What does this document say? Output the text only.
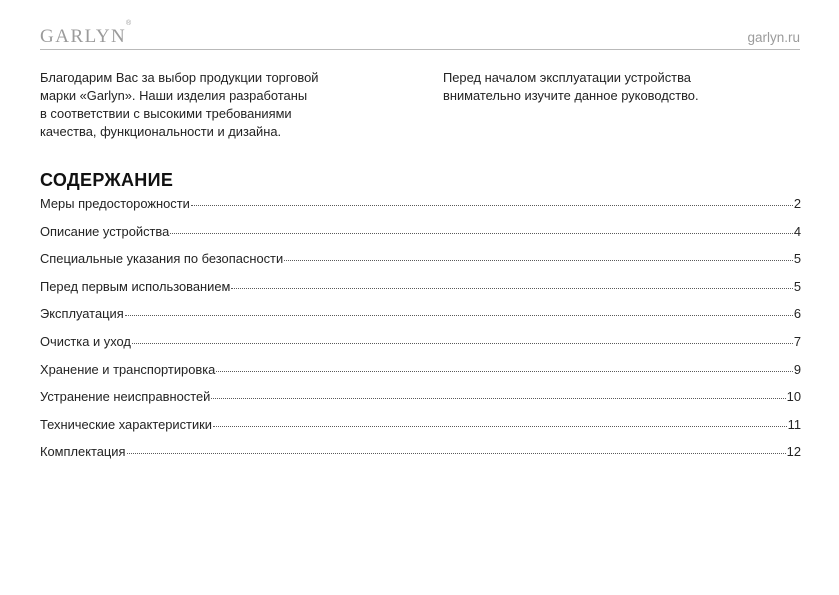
GARLYN
®
garlyn.ru
Благодарим Вас за выбор продукции торговой
марки «Garlyn». Наши изделия разработаны
в соответствии с высокими требованиями
качества, функциональности и дизайна.
Перед началом эксплуатации устройства
внимательно изучите данное руководство.
СОДЕРЖАНИЕ
Меры предосторожности	2
Описание устройства	4
Специальные указания по безопасности	5
Перед первым использованием	5
Эксплуатация	6
Очистка и уход	7
Хранение и транспортировка	9
Устранение неисправностей	10
Технические характеристики	11
Комплектация	12
